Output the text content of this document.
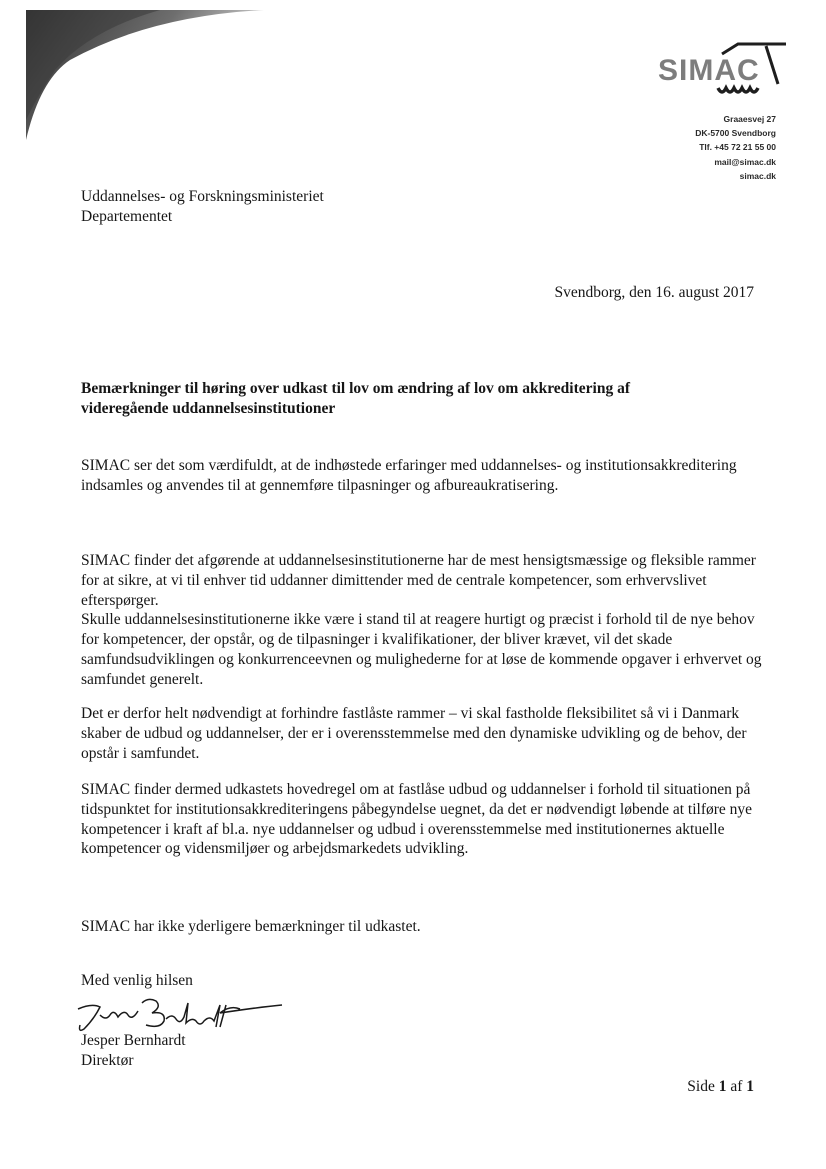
SIMAC
Graaesvej 27
DK-5700 Svendborg
Tlf. +45 72 21 55 00
mail@simac.dk
simac.dk
Uddannelses- og Forskningsministeriet
Departementet
Svendborg, den 16. august 2017
Bemærkninger til høring over udkast til lov om ændring af lov om akkreditering af videregående uddannelsesinstitutioner
SIMAC ser det som værdifuldt, at de indhøstede erfaringer med uddannelses- og institutionsakkreditering indsamles og anvendes til at gennemføre tilpasninger og afbureaukratisering.
SIMAC finder det afgørende at uddannelsesinstitutionerne har de mest hensigtsmæssige og fleksible rammer for at sikre, at vi til enhver tid uddanner dimittender med de centrale kompetencer, som erhvervslivet efterspørger.
Skulle uddannelsesinstitutionerne ikke være i stand til at reagere hurtigt og præcist i forhold til de nye behov for kompetencer, der opstår, og de tilpasninger i kvalifikationer, der bliver krævet, vil det skade samfundsudviklingen og konkurrenceevnen og mulighederne for at løse de kommende opgaver i erhvervet og samfundet generelt.
Det er derfor helt nødvendigt at forhindre fastlåste rammer – vi skal fastholde fleksibilitet så vi i Danmark skaber de udbud og uddannelser, der er i overensstemmelse med den dynamiske udvikling og de behov, der opstår i samfundet.
SIMAC finder dermed udkastets hovedregel om at fastlåse udbud og uddannelser i forhold til situationen på tidspunktet for institutionsakkrediteringens påbegyndelse uegnet, da det er nødvendigt løbende at tilføre nye kompetencer i kraft af bl.a. nye uddannelser og udbud i overensstemmelse med institutionernes aktuelle kompetencer og vidensmiljøer og arbejdsmarkedets udvikling.
SIMAC har ikke yderligere bemærkninger til udkastet.
Med venlig hilsen
Jesper Bernhardt
Direktør
Side 1 af 1
